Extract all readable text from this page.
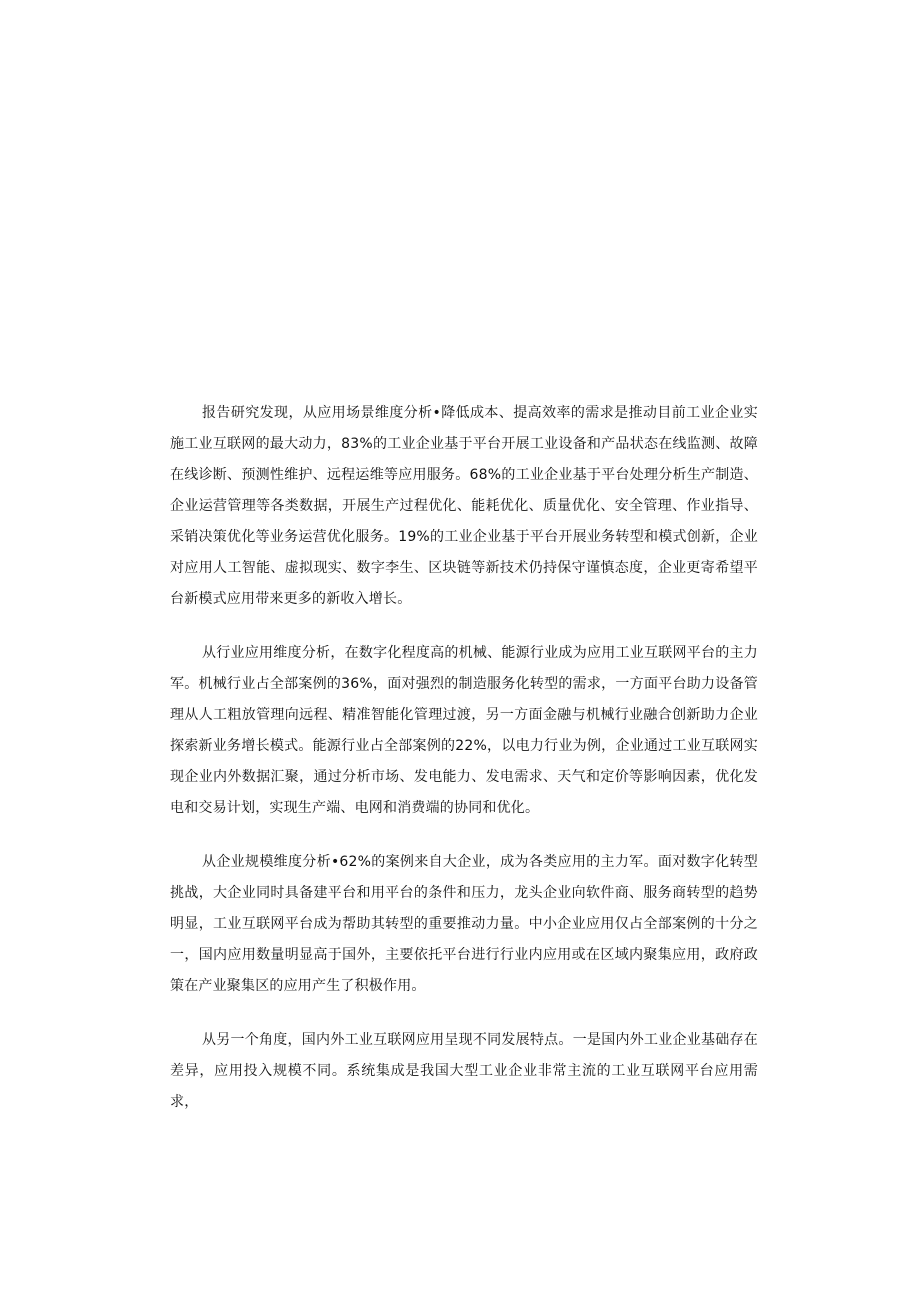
报告研究发现，从应用场景维度分析•降低成本、提高效率的需求是推动目前工业企业实施工业互联网的最大动力，83%的工业企业基于平台开展工业设备和产品状态在线监测、故障在线诊断、预测性维护、远程运维等应用服务。68%的工业企业基于平台处理分析生产制造、企业运营管理等各类数据，开展生产过程优化、能耗优化、质量优化、安全管理、作业指导、采销决策优化等业务运营优化服务。19%的工业企业基于平台开展业务转型和模式创新，企业对应用人工智能、虚拟现实、数字李生、区块链等新技术仍持保守谨慎态度，企业更寄希望平台新模式应用带来更多的新收入增长。

从行业应用维度分析，在数字化程度高的机械、能源行业成为应用工业互联网平台的主力军。机械行业占全部案例的36%，面对强烈的制造服务化转型的需求，一方面平台助力设备管理从人工粗放管理向远程、精准智能化管理过渡，另一方面金融与机械行业融合创新助力企业探索新业务增长模式。能源行业占全部案例的22%，以电力行业为例，企业通过工业互联网实现企业内外数据汇聚，通过分析市场、发电能力、发电需求、天气和定价等影响因素，优化发电和交易计划，实现生产端、电网和消费端的协同和优化。

从企业规模维度分析•62%的案例来自大企业，成为各类应用的主力军。面对数字化转型挑战，大企业同时具备建平台和用平台的条件和压力，龙头企业向软件商、服务商转型的趋势明显，工业互联网平台成为帮助其转型的重要推动力量。中小企业应用仅占全部案例的十分之一，国内应用数量明显高于国外，主要依托平台进行行业内应用或在区域内聚集应用，政府政策在产业聚集区的应用产生了积极作用。

从另一个角度，国内外工业互联网应用呈现不同发展特点。一是国内外工业企业基础存在差异，应用投入规模不同。系统集成是我国大型工业企业非常主流的工业互联网平台应用需求，
